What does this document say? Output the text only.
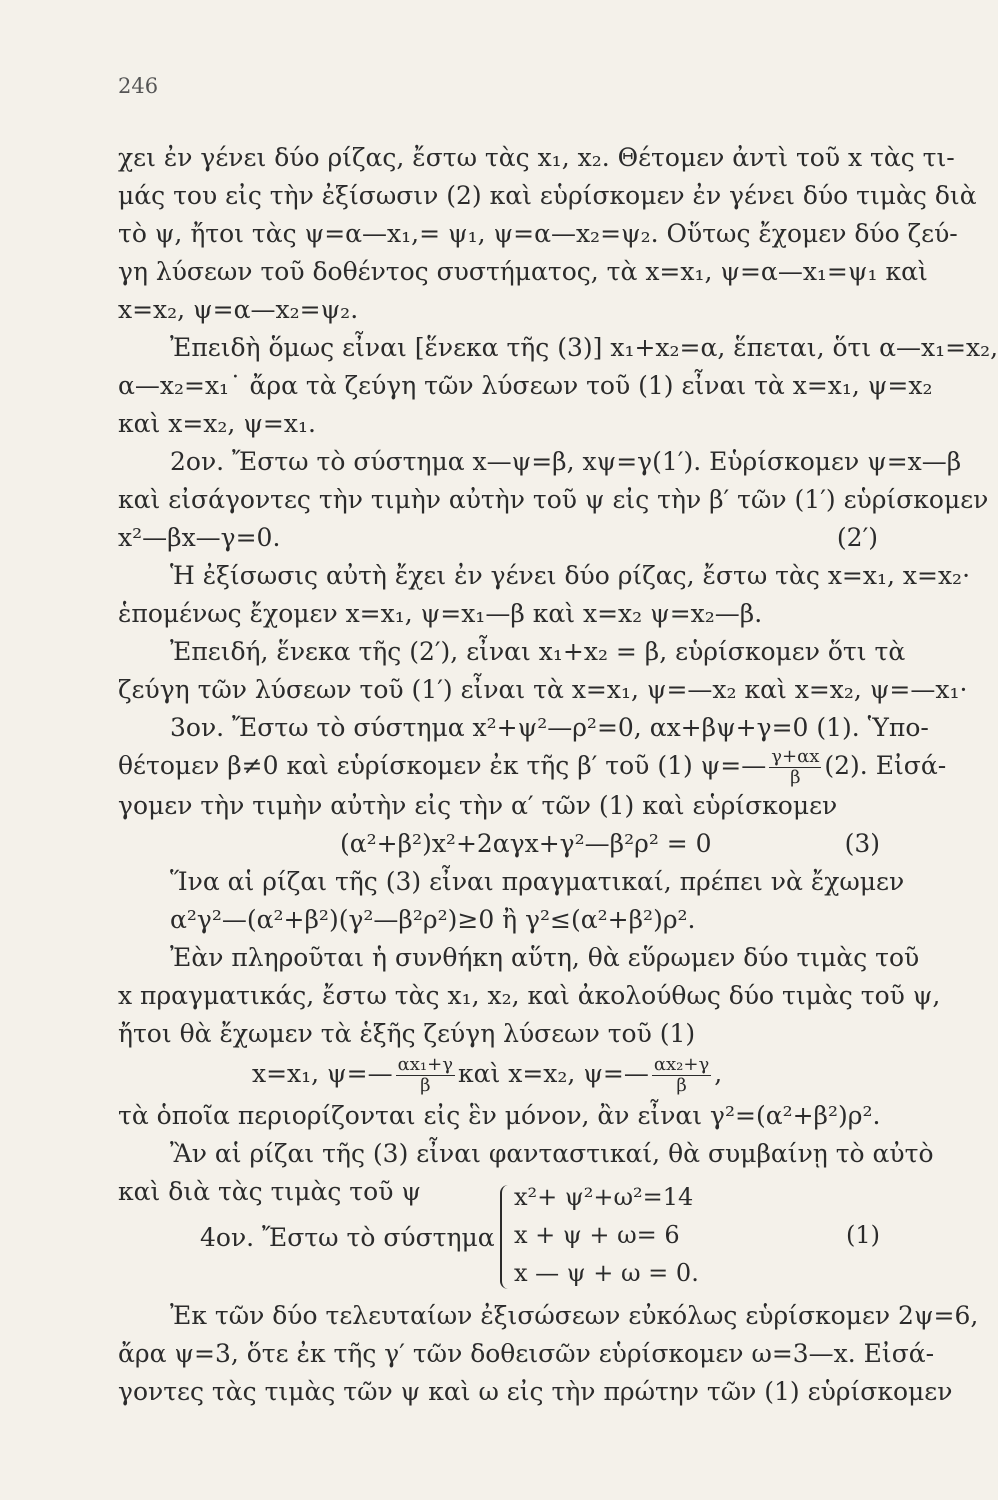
246
χει ἐν γένει δύο ρίζας, ἔστω τὰς x₁, x₂. Θέτομεν ἀντὶ τοῦ x τὰς τι-
μάς του εἰς τὴν ἐξίσωσιν (2) καὶ εὑρίσκομεν ἐν γένει δύο τιμὰς διὰ
τὸ ψ, ἤτοι τὰς ψ=α—x₁,= ψ₁, ψ=α—x₂=ψ₂. Οὕτως ἔχομεν δύο ζεύ-
γη λύσεων τοῦ δοθέντος συστήματος, τὰ x=x₁, ψ=α—x₁=ψ₁ καὶ
x=x₂, ψ=α—x₂=ψ₂.
Ἐπειδὴ ὅμως εἶναι [ἕνεκα τῆς (3)] x₁+x₂=α, ἕπεται, ὅτι α—x₁=x₂,
α—x₂=x₁˙ ἄρα τὰ ζεύγη τῶν λύσεων τοῦ (1) εἶναι τὰ x=x₁, ψ=x₂
καὶ x=x₂, ψ=x₁.
2ον. Ἔστω τὸ σύστημα x—ψ=β, xψ=γ(1′). Εὑρίσκομεν ψ=x—β
καὶ εἰσάγοντες τὴν τιμὴν αὐτὴν τοῦ ψ εἰς τὴν β′ τῶν (1′) εὑρίσκομεν
x²—βx—γ=0.	(2′)
Ἡ ἐξίσωσις αὐτὴ ἔχει ἐν γένει δύο ρίζας, ἔστω τὰς x=x₁, x=x₂·
ἑπομένως ἔχομεν x=x₁, ψ=x₁—β καὶ x=x₂ ψ=x₂—β.
Ἐπειδή, ἕνεκα τῆς (2′), εἶναι x₁+x₂ = β, εὑρίσκομεν ὅτι τὰ
ζεύγη τῶν λύσεων τοῦ (1′) εἶναι τὰ x=x₁, ψ=—x₂ καὶ x=x₂, ψ=—x₁·
3ον. Ἔστω τὸ σύστημα x²+ψ²—ρ²=0, αx+βψ+γ=0 (1). Ὑπο-
θέτομεν β≠0 καὶ εὑρίσκομεν ἐκ τῆς β′ τοῦ (1) ψ=— $\frac{\gamma+\alpha x}{\beta} (2)$. Εἰσά-
γομεν τὴν τιμὴν αὐτὴν εἰς τὴν α′ τῶν (1) καὶ εὑρίσκομεν
(α²+β²)x²+2αγx+γ²—β²ρ² = 0	(3)
Ἵνα αἱ ρίζαι τῆς (3) εἶναι πραγματικαί, πρέπει νὰ ἔχωμεν
α²γ²—(α²+β²)(γ²—β²ρ²)≥0 ἢ γ²≤(α²+β²)ρ².
Ἐὰν πληροῦται ἡ συνθήκη αὕτη, θὰ εὕρωμεν δύο τιμὰς τοῦ
x πραγματικάς, ἔστω τὰς x₁, x₂, καὶ ἀκολούθως δύο τιμὰς τοῦ ψ,
ἤτοι θὰ ἔχωμεν τὰ ἑξῆς ζεύγη λύσεων τοῦ (1)
x=x₁, ψ=— $\frac{\text{αx₁+γ}}{\beta}$ καὶ x=x₂, ψ=— $\frac{\text{αx₂+γ}}{\beta}$ ,
τὰ ὁποῖα περιορίζονται εἰς ἓν μόνον, ἂν εἶναι γ²=(α²+β²)ρ².
Ἂν αἱ ρίζαι τῆς (3) εἶναι φανταστικαί, θὰ συμβαίνῃ τὸ αὐτὸ
καὶ διὰ τὰς τιμὰς τοῦ ψ
4ον. Ἔστω τὸ σύστημα
x²+ ψ²+ω²=14
x + ψ + ω= 6
x — ψ + ω = 0.
(1)
Ἐκ τῶν δύο τελευταίων ἐξισώσεων εὐκόλως εὑρίσκομεν 2ψ=6,
ἄρα ψ=3, ὅτε ἐκ τῆς γ′ τῶν δοθεισῶν εὑρίσκομεν ω=3—x. Εἰσά-
γοντες τὰς τιμὰς τῶν ψ καὶ ω εἰς τὴν πρώτην τῶν (1) εὑρίσκομεν
